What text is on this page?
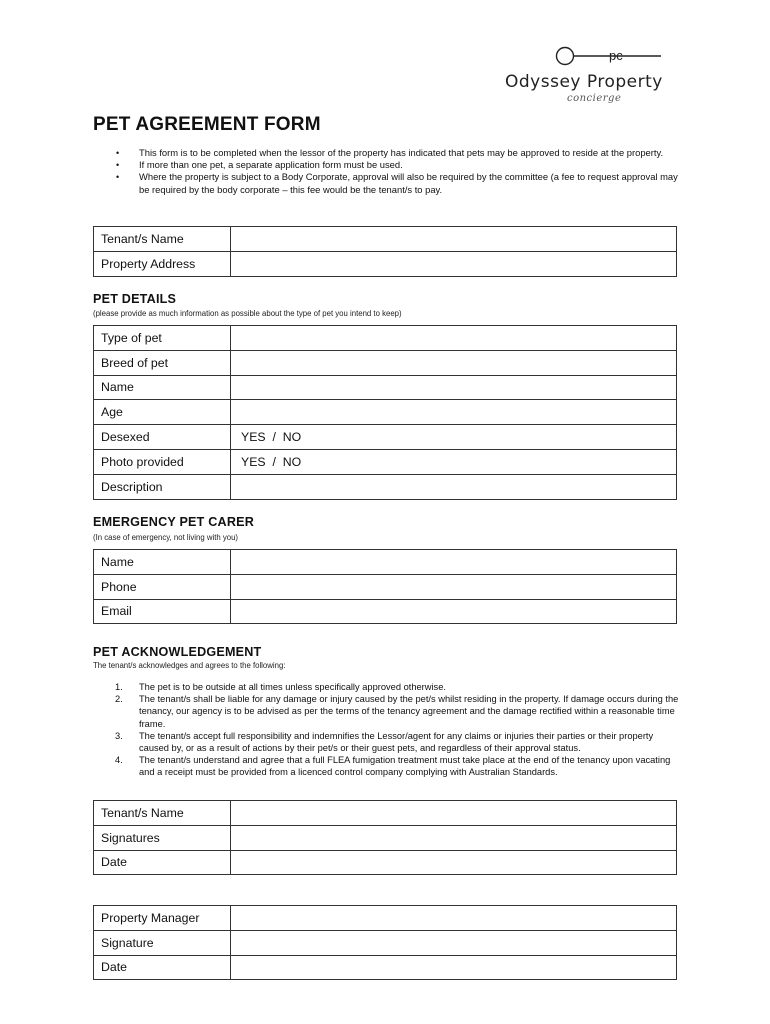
pc
Odyssey Property
concierge
PET AGREEMENT FORM
• This form is to be completed when the lessor of the property has indicated that pets may be approved to reside at the property.
• If more than one pet, a separate application form must be used.
• Where the property is subject to a Body Corporate, approval will also be required by the committee (a fee to request approval may be required by the body corporate – this fee would be the tenant/s to pay.
Tenant/s Name	
Property Address	
PET DETAILS

(please provide as much information as possible about the type of pet you intend to keep)

Type of pet	
Breed of pet	
Name	
Age	
Desexed	YES  /  NO
Photo provided	YES  /  NO
Description	
EMERGENCY PET CARER

(In case of emergency, not living with you)

Name	
Phone	
Email	
PET ACKNOWLEDGEMENT

The tenant/s acknowledges and agrees to the following:

1. The pet is to be outside at all times unless specifically approved otherwise.
2. The tenant/s shall be liable for any damage or injury caused by the pet/s whilst residing in the property. If damage occurs during the tenancy, our agency is to be advised as per the terms of the tenancy agreement and the damage rectified within a reasonable time frame.
3. The tenant/s accept full responsibility and indemnifies the Lessor/agent for any claims or injuries their parties or their property caused by, or as a result of actions by their pet/s or their guest pets, and regardless of their approval status.
4. The tenant/s understand and agree that a full FLEA fumigation treatment must take place at the end of the tenancy upon vacating and a receipt must be provided from a licenced control company complying with Australian Standards.
Tenant/s Name	
Signatures	
Date	
Property Manager	
Signature	
Date	
